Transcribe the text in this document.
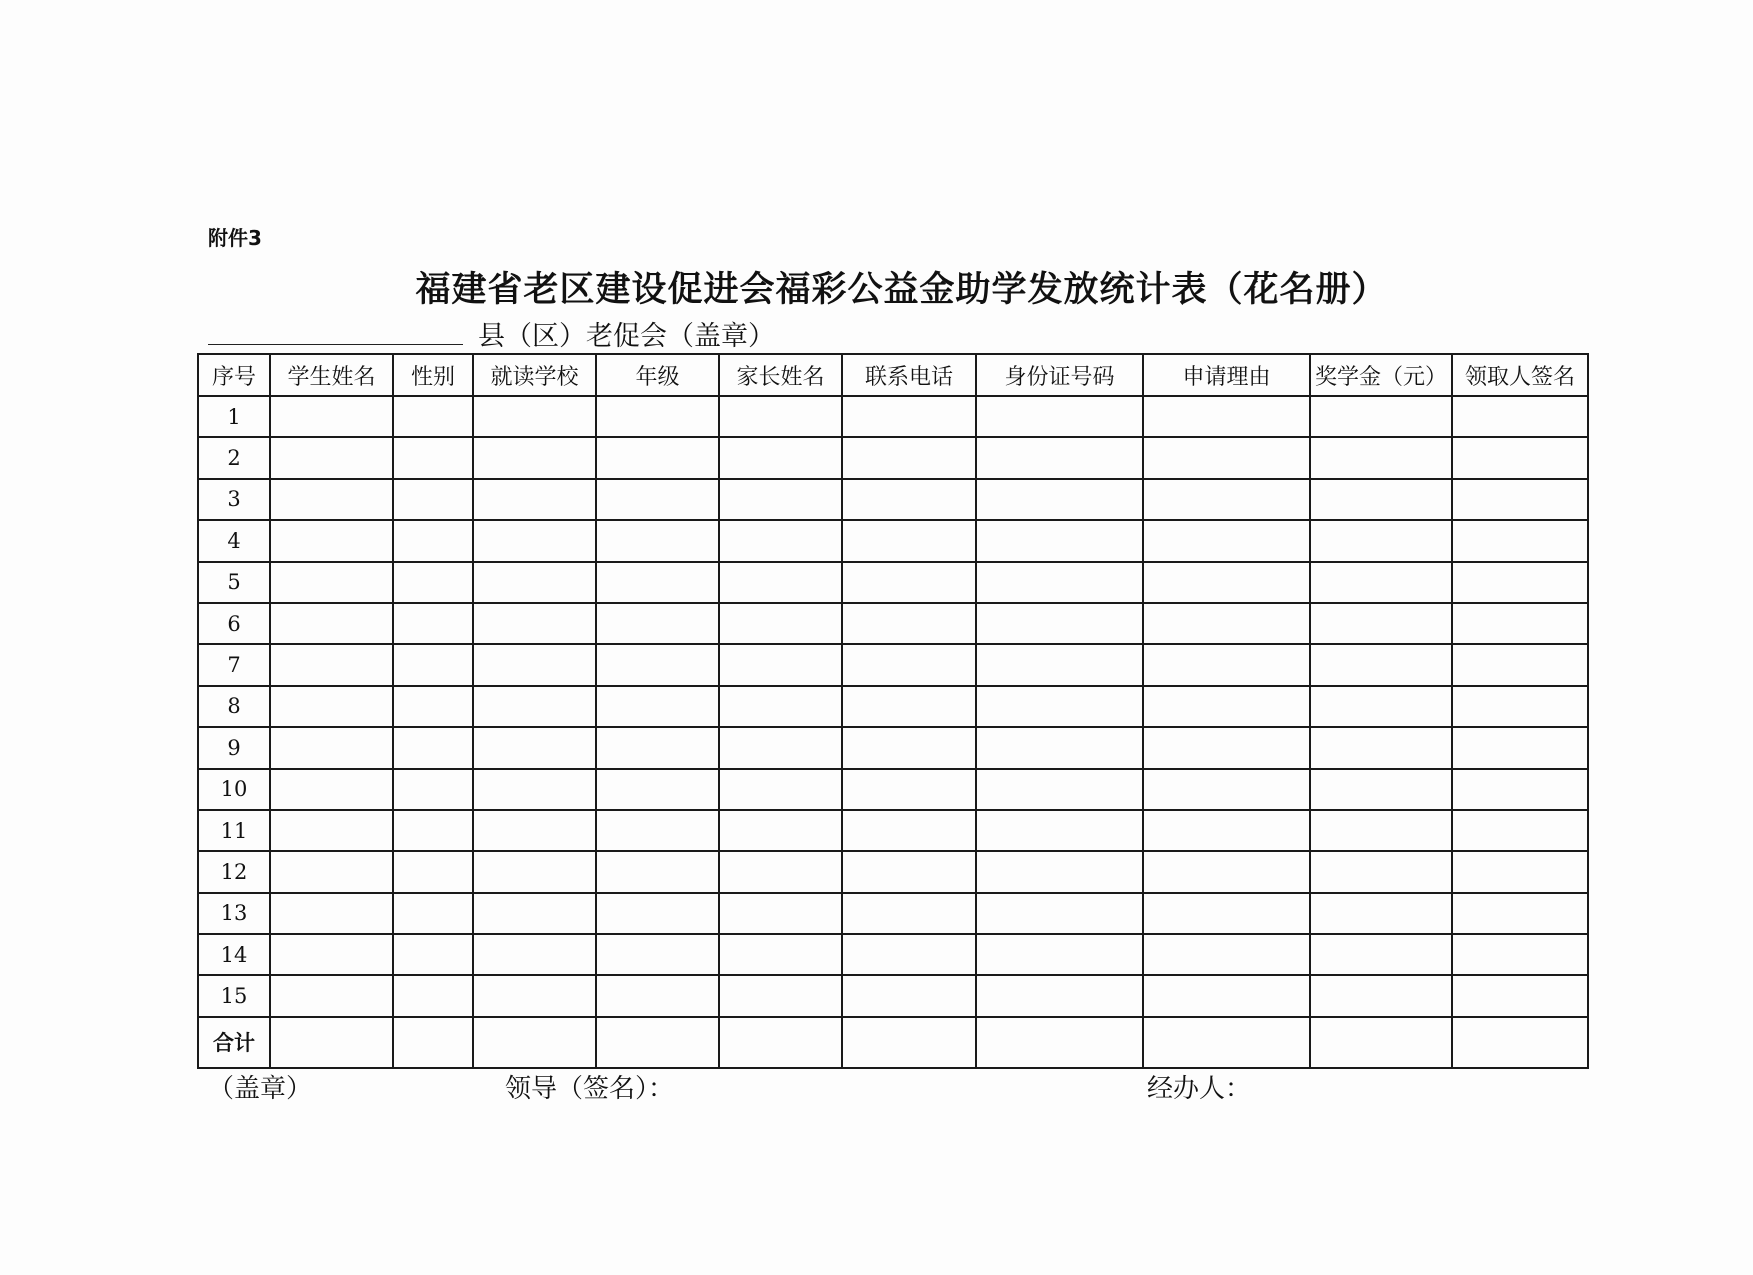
附件3
福建省老区建设促进会福彩公益金助学发放统计表（花名册）
县（区）老促会（盖章）
序号	学生姓名	性别	就读学校	年级	家长姓名	联系电话	身份证号码	申请理由	奖学金（元）	领取人签名
1										
2										
3										
4										
5										
6										
7										
8										
9										
10										
11										
12										
13										
14										
15										
合计										
（盖章）	领导（签名）：	经办人：
